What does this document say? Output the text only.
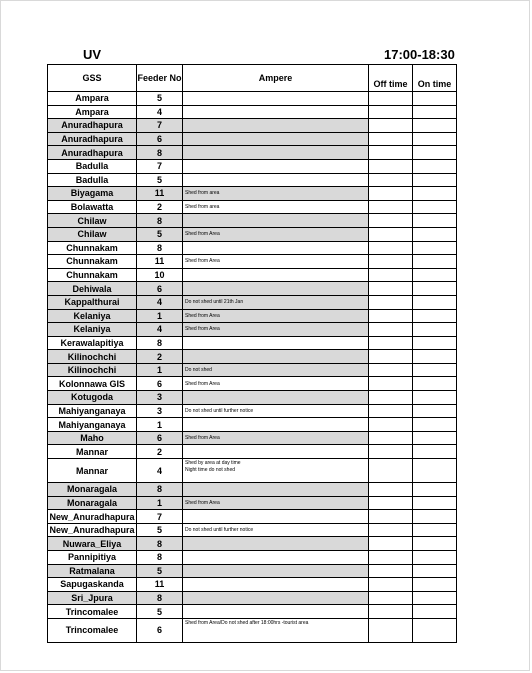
UV	17:00-18:30
GSS	Feeder No	Ampere	Off time	On time
Ampara	5	

Ampara	4	

Anuradhapura	7	

Anuradhapura	6	

Anuradhapura	8	

Badulla	7	

Badulla	5	

Biyagama	11	Shed from area		

Bolawatta	2	Shed from area		

Chilaw	8	

Chilaw	5	Shed from Area		

Chunnakam	8	

Chunnakam	11	Shed from Area		

Chunnakam	10	

Dehiwala	6	

Kappalthurai	4	Do not shed until 21th Jan		

Kelaniya	1	Shed from Area		

Kelaniya	4	Shed from Area		

Kerawalapitiya	8	

Kilinochchi	2	

Kilinochchi	1	Do not shed		

Kolonnawa GIS	6	Shed from Area		

Kotugoda	3	

Mahiyanganaya	3	Do not shed until further notice		

Mahiyanganaya	1	

Maho	6	Shed from Area		

Mannar	2	

Mannar	4	Shed by area at day time
Night time do not shed		

Monaragala	8	

Monaragala	1	Shed from Area		

New_Anuradhapura	7	

New_Anuradhapura	5	Do not shed until further notice		

Nuwara_Eliya	8	

Pannipitiya	8	

Ratmalana	5	

Sapugaskanda	11	

Sri_Jpura	8	

Trincomalee	5	

Trincomalee	6	Shed from Area/Do not shed after 18:00hrs -tourist area		
